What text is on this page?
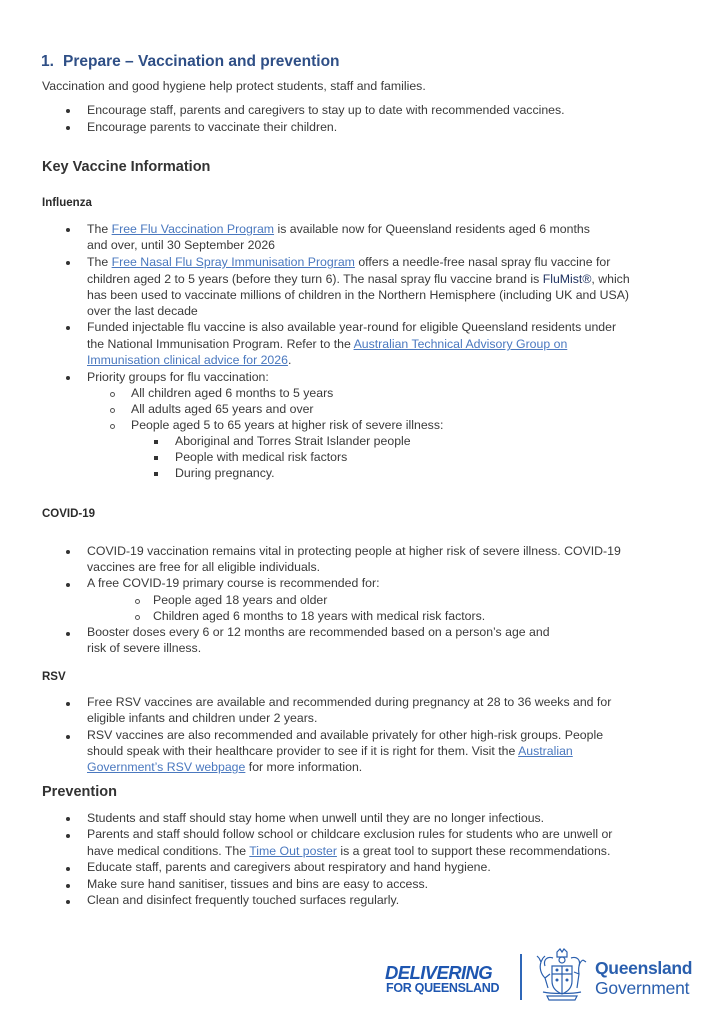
1. Prepare – Vaccination and prevention
Vaccination and good hygiene help protect students, staff and families.
Encourage staff, parents and caregivers to stay up to date with recommended vaccines.
Encourage parents to vaccinate their children.
Key Vaccine Information
Influenza
The Free Flu Vaccination Program is available now for Queensland residents aged 6 months
and over, until 30 September 2026
The Free Nasal Flu Spray Immunisation Program offers a needle-free nasal spray flu vaccine for
children aged 2 to 5 years (before they turn 6). The nasal spray flu vaccine brand is FluMist®, which
has been used to vaccinate millions of children in the Northern Hemisphere (including UK and USA)
over the last decade
Funded injectable flu vaccine is also available year-round for eligible Queensland residents under
the National Immunisation Program. Refer to the Australian Technical Advisory Group on
Immunisation clinical advice for 2026.
Priority groups for flu vaccination:
All children aged 6 months to 5 years
All adults aged 65 years and over
People aged 5 to 65 years at higher risk of severe illness:
Aboriginal and Torres Strait Islander people
People with medical risk factors
During pregnancy.
COVID-19
COVID-19 vaccination remains vital in protecting people at higher risk of severe illness. COVID-19
vaccines are free for all eligible individuals.
A free COVID-19 primary course is recommended for:
People aged 18 years and older
Children aged 6 months to 18 years with medical risk factors.
Booster doses every 6 or 12 months are recommended based on a person’s age and
risk of severe illness.
RSV
Free RSV vaccines are available and recommended during pregnancy at 28 to 36 weeks and for
eligible infants and children under 2 years.
RSV vaccines are also recommended and available privately for other high-risk groups. People
should speak with their healthcare provider to see if it is right for them. Visit the Australian
Government’s RSV webpage for more information.
Prevention
Students and staff should stay home when unwell until they are no longer infectious.
Parents and staff should follow school or childcare exclusion rules for students who are unwell or
have medical conditions. The Time Out poster is a great tool to support these recommendations.
Educate staff, parents and caregivers about respiratory and hand hygiene.
Make sure hand sanitiser, tissues and bins are easy to access.
Clean and disinfect frequently touched surfaces regularly.
DELIVERING
FOR QUEENSLAND
Queensland
Government
